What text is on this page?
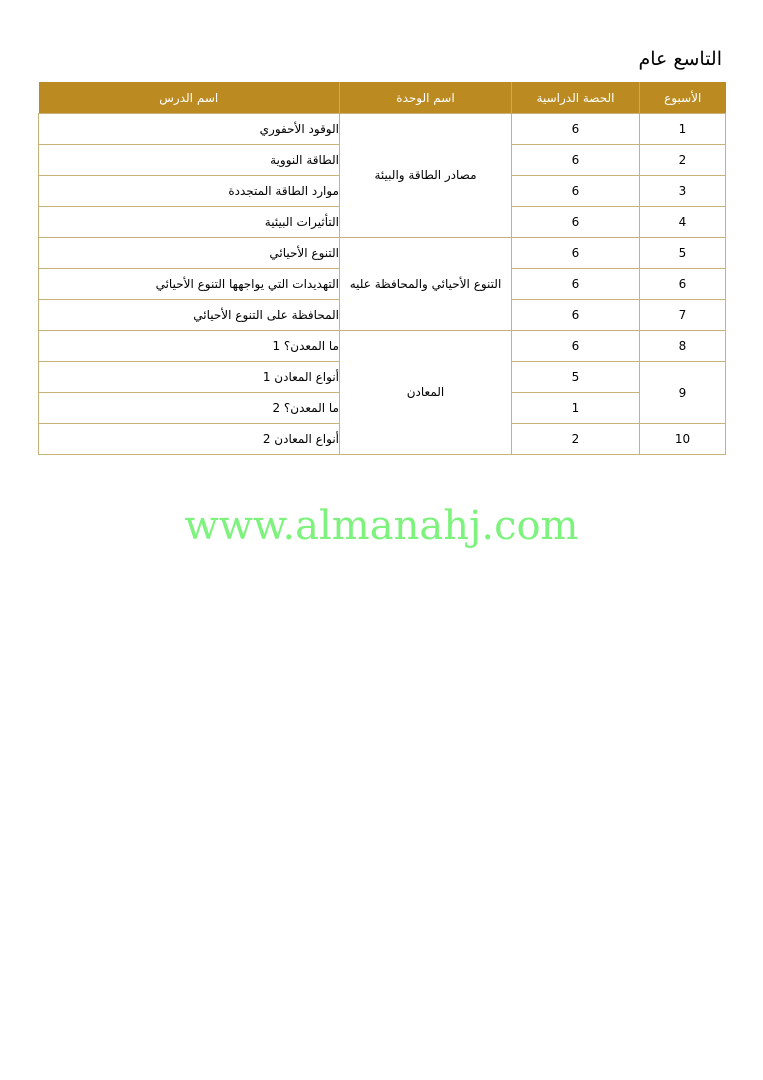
التاسع عام
الأسبوع	الحصة الدراسية	اسم الوحدة	اسم الدرس
1	6	مصادر الطاقة والبيئة	الوقود الأحفوري
2	6		الطاقة النووية
3	6		موارد الطاقة المتجددة
4	6		التأثيرات البيئية
5	6	التنوع الأحيائي والمحافظة عليه	التنوع الأحيائي
6	6		التهديدات التي يواجهها التنوع الأحيائي
7	6		المحافظة على التنوع الأحيائي
8	6	المعادن	ما المعدن؟ 1
9	5		أنواع المعادن 1
	1		ما المعدن؟ 2
10	2		أنواع المعادن 2
www.almanahj.com
